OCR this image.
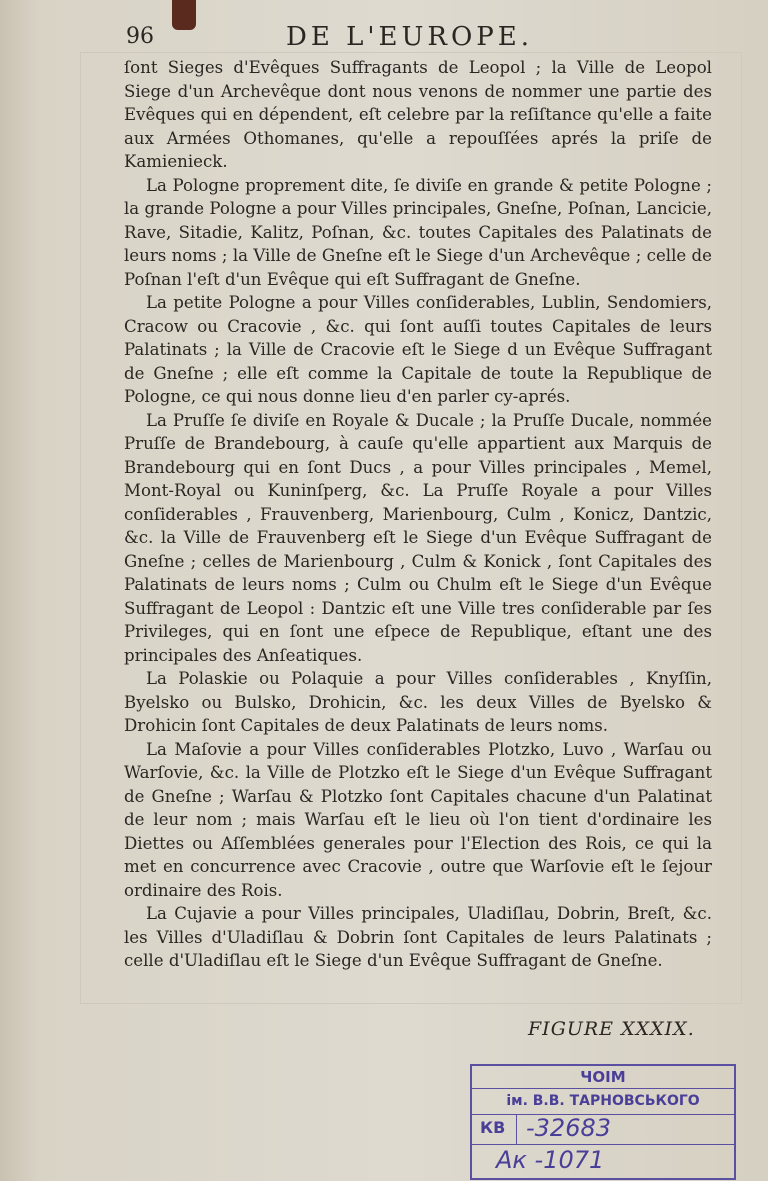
96	DE L'EUROPE.

ſont Sieges d'Evêques Suffragants de Leopol ; la Ville de Leopol Siege d'un Archevêque dont nous venons de nommer une partie des Evêques qui en dépendent, eſt celebre par la reſiſtance qu'elle a faite aux Armées Othomanes, qu'elle a repouſſées aprés la priſe de Kamienieck.

La Pologne proprement dite, ſe diviſe en grande & petite Pologne ; la grande Pologne a pour Villes principales, Gneſne, Poſnan, Lancicie, Rave, Sitadie, Kalitz, Poſnan, &c. toutes Capitales des Palatinats de leurs noms ; la Ville de Gneſne eſt le Siege d'un Archevêque ; celle de Poſnan l'eſt d'un Evêque qui eſt Suffragant de Gneſne.

La petite Pologne a pour Villes conſiderables, Lublin, Sendomiers, Cracow ou Cracovie , &c. qui ſont auſſi toutes Capitales de leurs Palatinats ; la Ville de Cracovie eſt le Siege d un Evêque Suffragant de Gneſne ; elle eſt comme la Capitale de toute la Republique de Pologne, ce qui nous donne lieu d'en parler cy-aprés.

La Pruſſe ſe diviſe en Royale & Ducale ; la Pruſſe Ducale, nommée Pruſſe de Brandebourg, à cauſe qu'elle appartient aux Marquis de Brandebourg qui en ſont Ducs , a pour Villes principales , Memel, Mont-Royal ou Kuninſperg, &c. La Pruſſe Royale a pour Villes conſiderables , Frauvenberg, Marienbourg, Culm , Konicz, Dantzic, &c. la Ville de Frauvenberg eſt le Siege d'un Evêque Suffragant de Gneſne ; celles de Marienbourg , Culm & Konick , ſont Capitales des Palatinats de leurs noms ; Culm ou Chulm eſt le Siege d'un Evêque Suffragant de Leopol : Dantzic eſt une Ville tres conſiderable par ſes Privileges, qui en ſont une eſpece de Republique, eſtant une des principales des Anſeatiques.

La Polaskie ou Polaquie a pour Villes conſiderables , Knyſſin, Byelsko ou Bulsko, Drohicin, &c. les deux Villes de Byelsko & Drohicin ſont Capitales de deux Palatinats de leurs noms.

La Maſovie a pour Villes conſiderables Plotzko, Luvo , Warſau ou Warſovie, &c. la Ville de Plotzko eſt le Siege d'un Evêque Suffragant de Gneſne ; Warſau & Plotzko ſont Capitales chacune d'un Palatinat de leur nom ; mais Warſau eſt le lieu où l'on tient d'ordinaire les Diettes ou Aſſemblées generales pour l'Election des Rois, ce qui la met en concurrence avec Cracovie , outre que Warſovie eſt le ſejour ordinaire des Rois.

La Cujavie a pour Villes principales, Uladiſlau, Dobrin, Breſt, &c. les Villes d'Uladiſlau & Dobrin ſont Capitales de leurs Palatinats ; celle d'Uladiſlau eſt le Siege d'un Evêque Suffragant de Gneſne.

FIGURE XXXIX.
ЧОІМ
ім. В.В. ТАРНОВСЬКОГО
КВ -32683
Ак -1071
